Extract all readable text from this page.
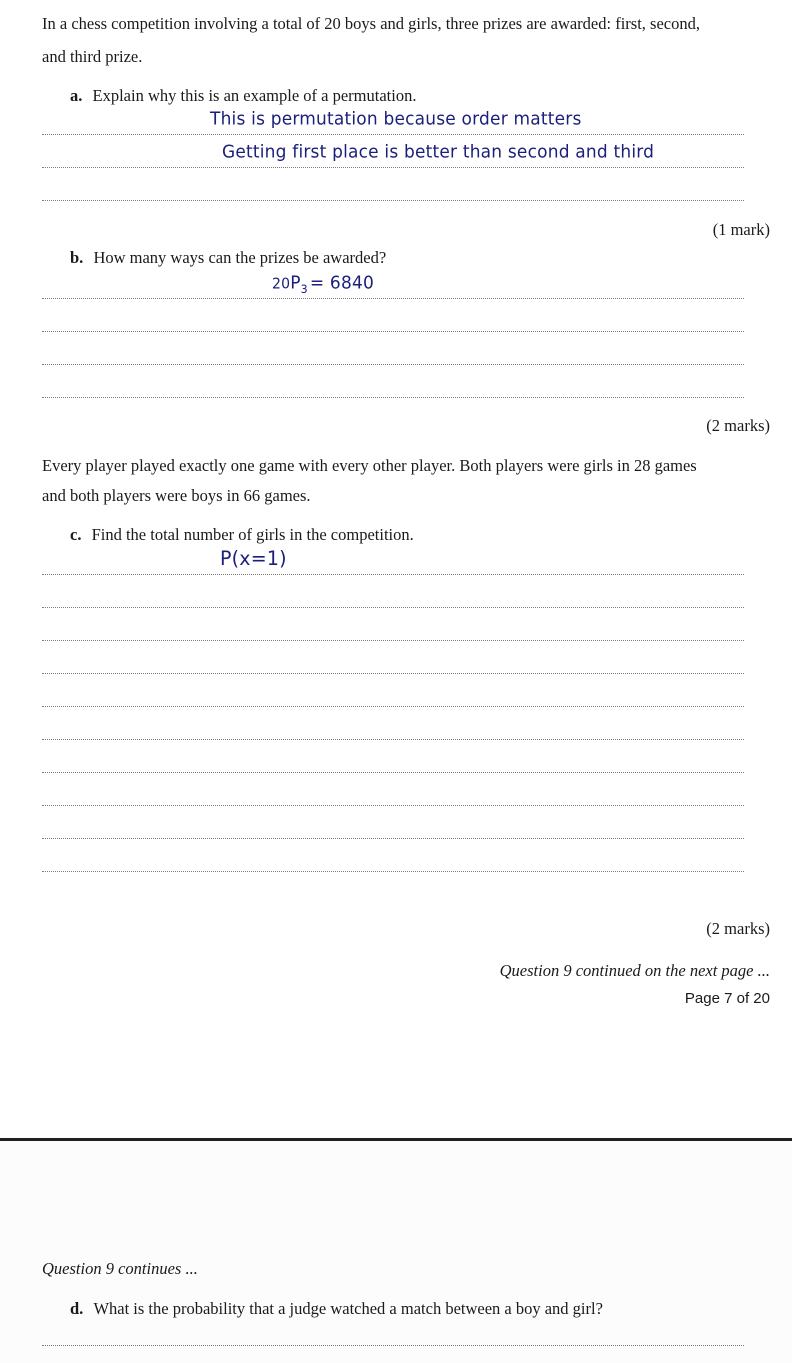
In a chess competition involving a total of 20 boys and girls, three prizes are awarded: first, second,
and third prize.
a. Explain why this is an example of a permutation.
This is permutation because order matters
Getting first place is better than second and third
(1 mark)
b. How many ways can the prizes be awarded?
$20P_3 = 6840$
(2 marks)
Every player played exactly one game with every other player. Both players were girls in 28 games
and both players were boys in 66 games.
c. Find the total number of girls in the competition.
P(x=1)
(2 marks)
Question 9 continued on the next page ...
Page 7 of 20
Question 9 continues ...
d. What is the probability that a judge watched a match between a boy and girl?
